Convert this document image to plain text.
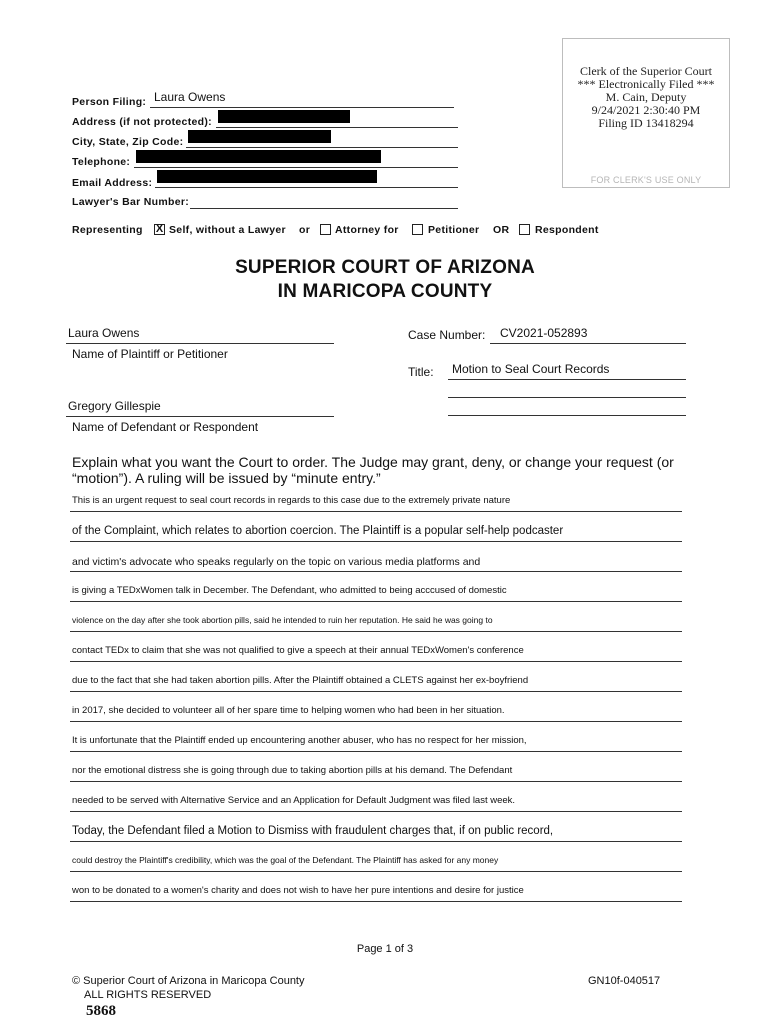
Clerk of the Superior Court
*** Electronically Filed ***
M. Cain, Deputy
9/24/2021 2:30:40 PM
Filing ID 13418294
FOR CLERK'S USE ONLY
Person Filing: Laura Owens
Address (if not protected):
City, State, Zip Code:
Telephone:
Email Address:
Lawyer's Bar Number:
Representing X Self, without a Lawyer or Attorney for	Petitioner OR Respondent
SUPERIOR COURT OF ARIZONA
IN MARICOPA COUNTY
Laura Owens
Name of Plaintiff or Petitioner
Case Number: CV2021-052893
Title: Motion to Seal Court Records
Gregory Gillespie
Name of Defendant or Respondent
Explain what you want the Court to order. The Judge may grant, deny, or change your request (or
“motion”). A ruling will be issued by “minute entry.”
This is an urgent request to seal court records in regards to this case due to the extremely private nature
of the Complaint, which relates to abortion coercion. The Plaintiff is a popular self-help podcaster
and victim's advocate who speaks regularly on the topic on various media platforms and
is giving a TEDxWomen talk in December. The Defendant, who admitted to being acccused of domestic
violence on the day after she took abortion pills, said he intended to ruin her reputation. He said he was going to
contact TEDx to claim that she was not qualified to give a speech at their annual TEDxWomen's conference
due to the fact that she had taken abortion pills. After the Plaintiff obtained a CLETS against her ex-boyfriend
in 2017, she decided to volunteer all of her spare time to helping women who had been in her situation.
It is unfortunate that the Plaintiff ended up encountering another abuser, who has no respect for her mission,
nor the emotional distress she is going through due to taking abortion pills at his demand. The Defendant
needed to be served with Alternative Service and an Application for Default Judgment was filed last week.
Today, the Defendant filed a Motion to Dismiss with fraudulent charges that, if on public record,
could destroy the Plaintiff's credibility, which was the goal of the Defendant. The Plaintiff has asked for any money
won to be donated to a women's charity and does not wish to have her pure intentions and desire for justice
Page 1 of 3
© Superior Court of Arizona in Maricopa County
ALL RIGHTS RESERVED
GN10f-040517
5868
